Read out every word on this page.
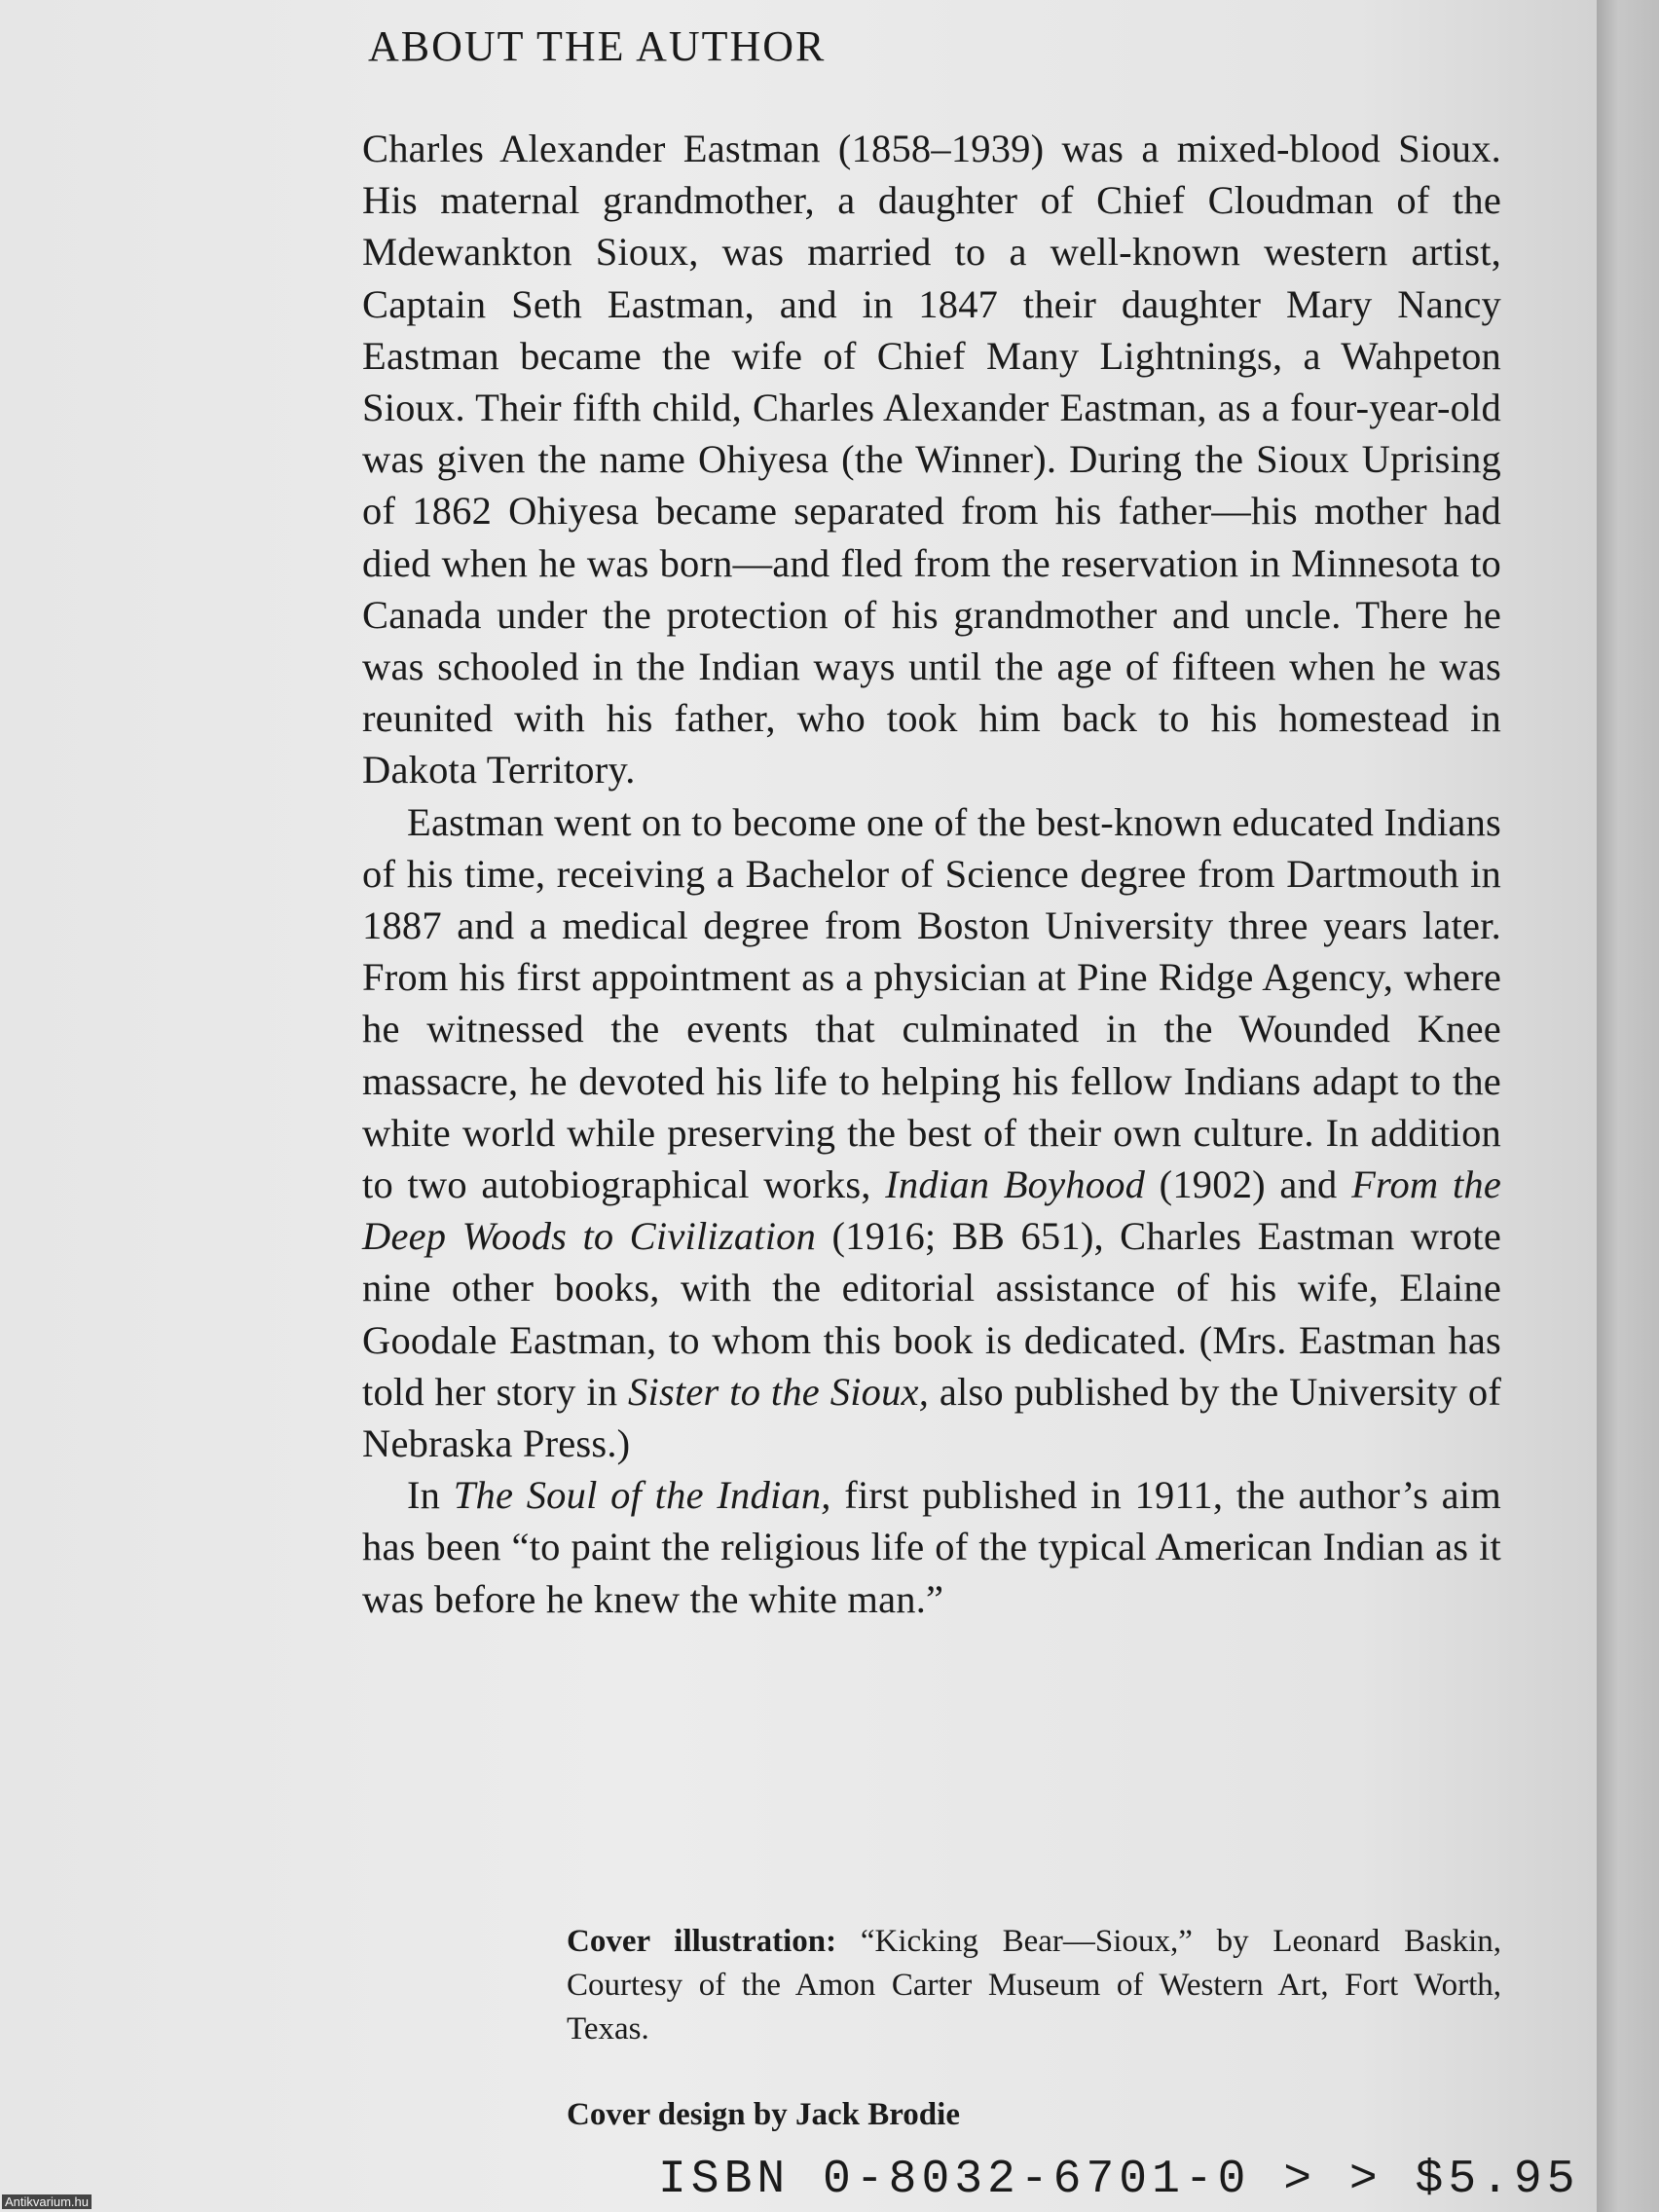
ABOUT THE AUTHOR

Charles Alexander Eastman (1858–1939) was a mixed-blood Sioux. His maternal grandmother, a daughter of Chief Cloudman of the Mdewankton Sioux, was married to a well-known western artist, Captain Seth Eastman, and in 1847 their daughter Mary Nancy Eastman became the wife of Chief Many Lightnings, a Wahpeton Sioux. Their fifth child, Charles Alexander Eastman, as a four-year-old was given the name Ohiyesa (the Winner). During the Sioux Uprising of 1862 Ohiyesa became separated from his father—his mother had died when he was born—and fled from the reservation in Minnesota to Canada under the protection of his grandmother and uncle. There he was schooled in the Indian ways until the age of fifteen when he was reunited with his father, who took him back to his homestead in Dakota Territory.

Eastman went on to become one of the best-known educated Indians of his time, receiving a Bachelor of Science degree from Dartmouth in 1887 and a medical degree from Boston University three years later. From his first appointment as a physician at Pine Ridge Agency, where he witnessed the events that culminated in the Wounded Knee massacre, he devoted his life to helping his fellow Indians adapt to the white world while preserving the best of their own culture. In addition to two autobiographical works, Indian Boyhood (1902) and From the Deep Woods to Civilization (1916; BB 651), Charles Eastman wrote nine other books, with the editorial assistance of his wife, Elaine Goodale Eastman, to whom this book is dedicated. (Mrs. Eastman has told her story in Sister to the Sioux, also published by the University of Nebraska Press.)

In The Soul of the Indian, first published in 1911, the author’s aim has been “to paint the religious life of the typical American Indian as it was before he knew the white man.”

Cover illustration: “Kicking Bear—Sioux,” by Leonard Baskin, Courtesy of the Amon Carter Museum of Western Art, Fort Worth, Texas.

Cover design by Jack Brodie

ISBN 0-8032-6701-0 > > $5.95
Antikvarium.hu
